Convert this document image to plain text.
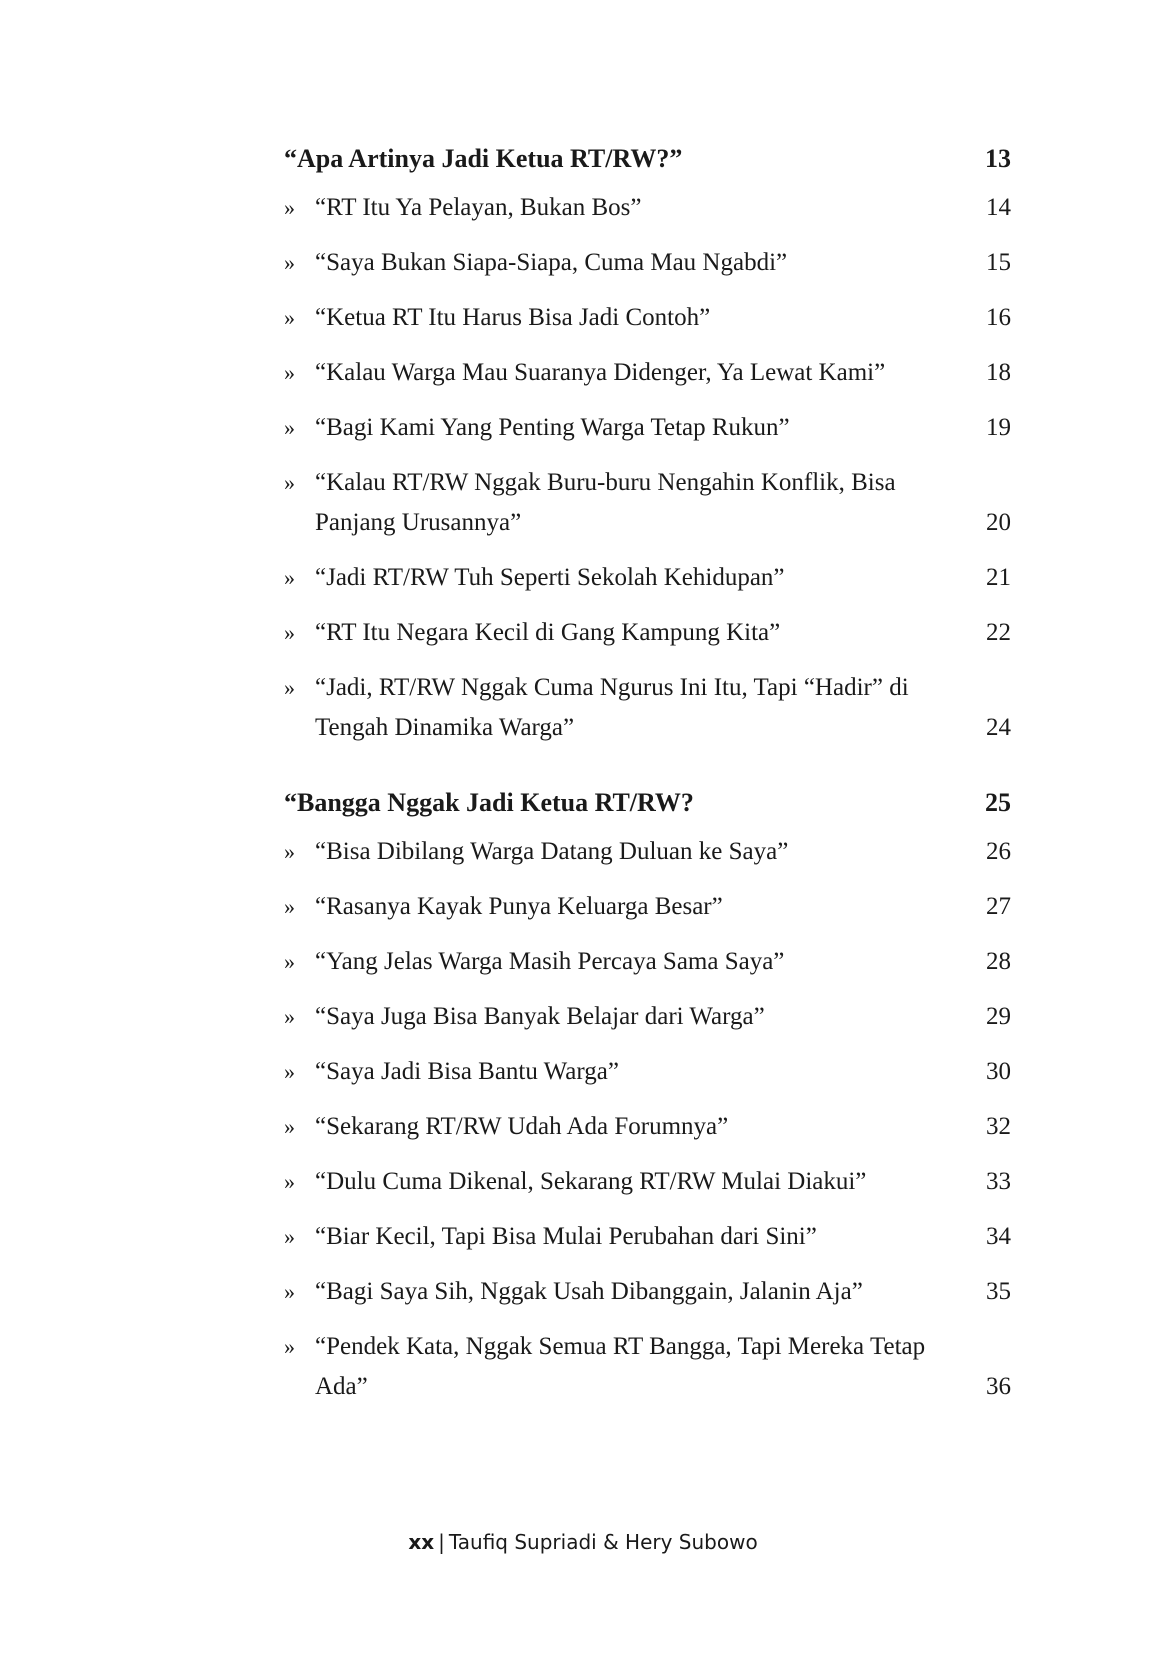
“Apa Artinya Jadi Ketua RT/RW?”	13
» “RT Itu Ya Pelayan, Bukan Bos”	14
» “Saya Bukan Siapa-Siapa, Cuma Mau Ngabdi”	15
» “Ketua RT Itu Harus Bisa Jadi Contoh”	16
» “Kalau Warga Mau Suaranya Didenger, Ya Lewat Kami”	18
» “Bagi Kami Yang Penting Warga Tetap Rukun”	19
» “Kalau RT/RW Nggak Buru-buru Nengahin Konflik, Bisa Panjang Urusannya”	20
» “Jadi RT/RW Tuh Seperti Sekolah Kehidupan”	21
» “RT Itu Negara Kecil di Gang Kampung Kita”	22
» “Jadi, RT/RW Nggak Cuma Ngurus Ini Itu, Tapi “Hadir” di Tengah Dinamika Warga”	24
“Bangga Nggak Jadi Ketua RT/RW?	25
» “Bisa Dibilang Warga Datang Duluan ke Saya”	26
» “Rasanya Kayak Punya Keluarga Besar”	27
» “Yang Jelas Warga Masih Percaya Sama Saya”	28
» “Saya Juga Bisa Banyak Belajar dari Warga”	29
» “Saya Jadi Bisa Bantu Warga”	30
» “Sekarang RT/RW Udah Ada Forumnya”	32
» “Dulu Cuma Dikenal, Sekarang RT/RW Mulai Diakui”	33
» “Biar Kecil, Tapi Bisa Mulai Perubahan dari Sini”	34
» “Bagi Saya Sih, Nggak Usah Dibanggain, Jalanin Aja”	35
» “Pendek Kata, Nggak Semua RT Bangga, Tapi Mereka Tetap Ada”	36
xx | Taufiq Supriadi & Hery Subowo
